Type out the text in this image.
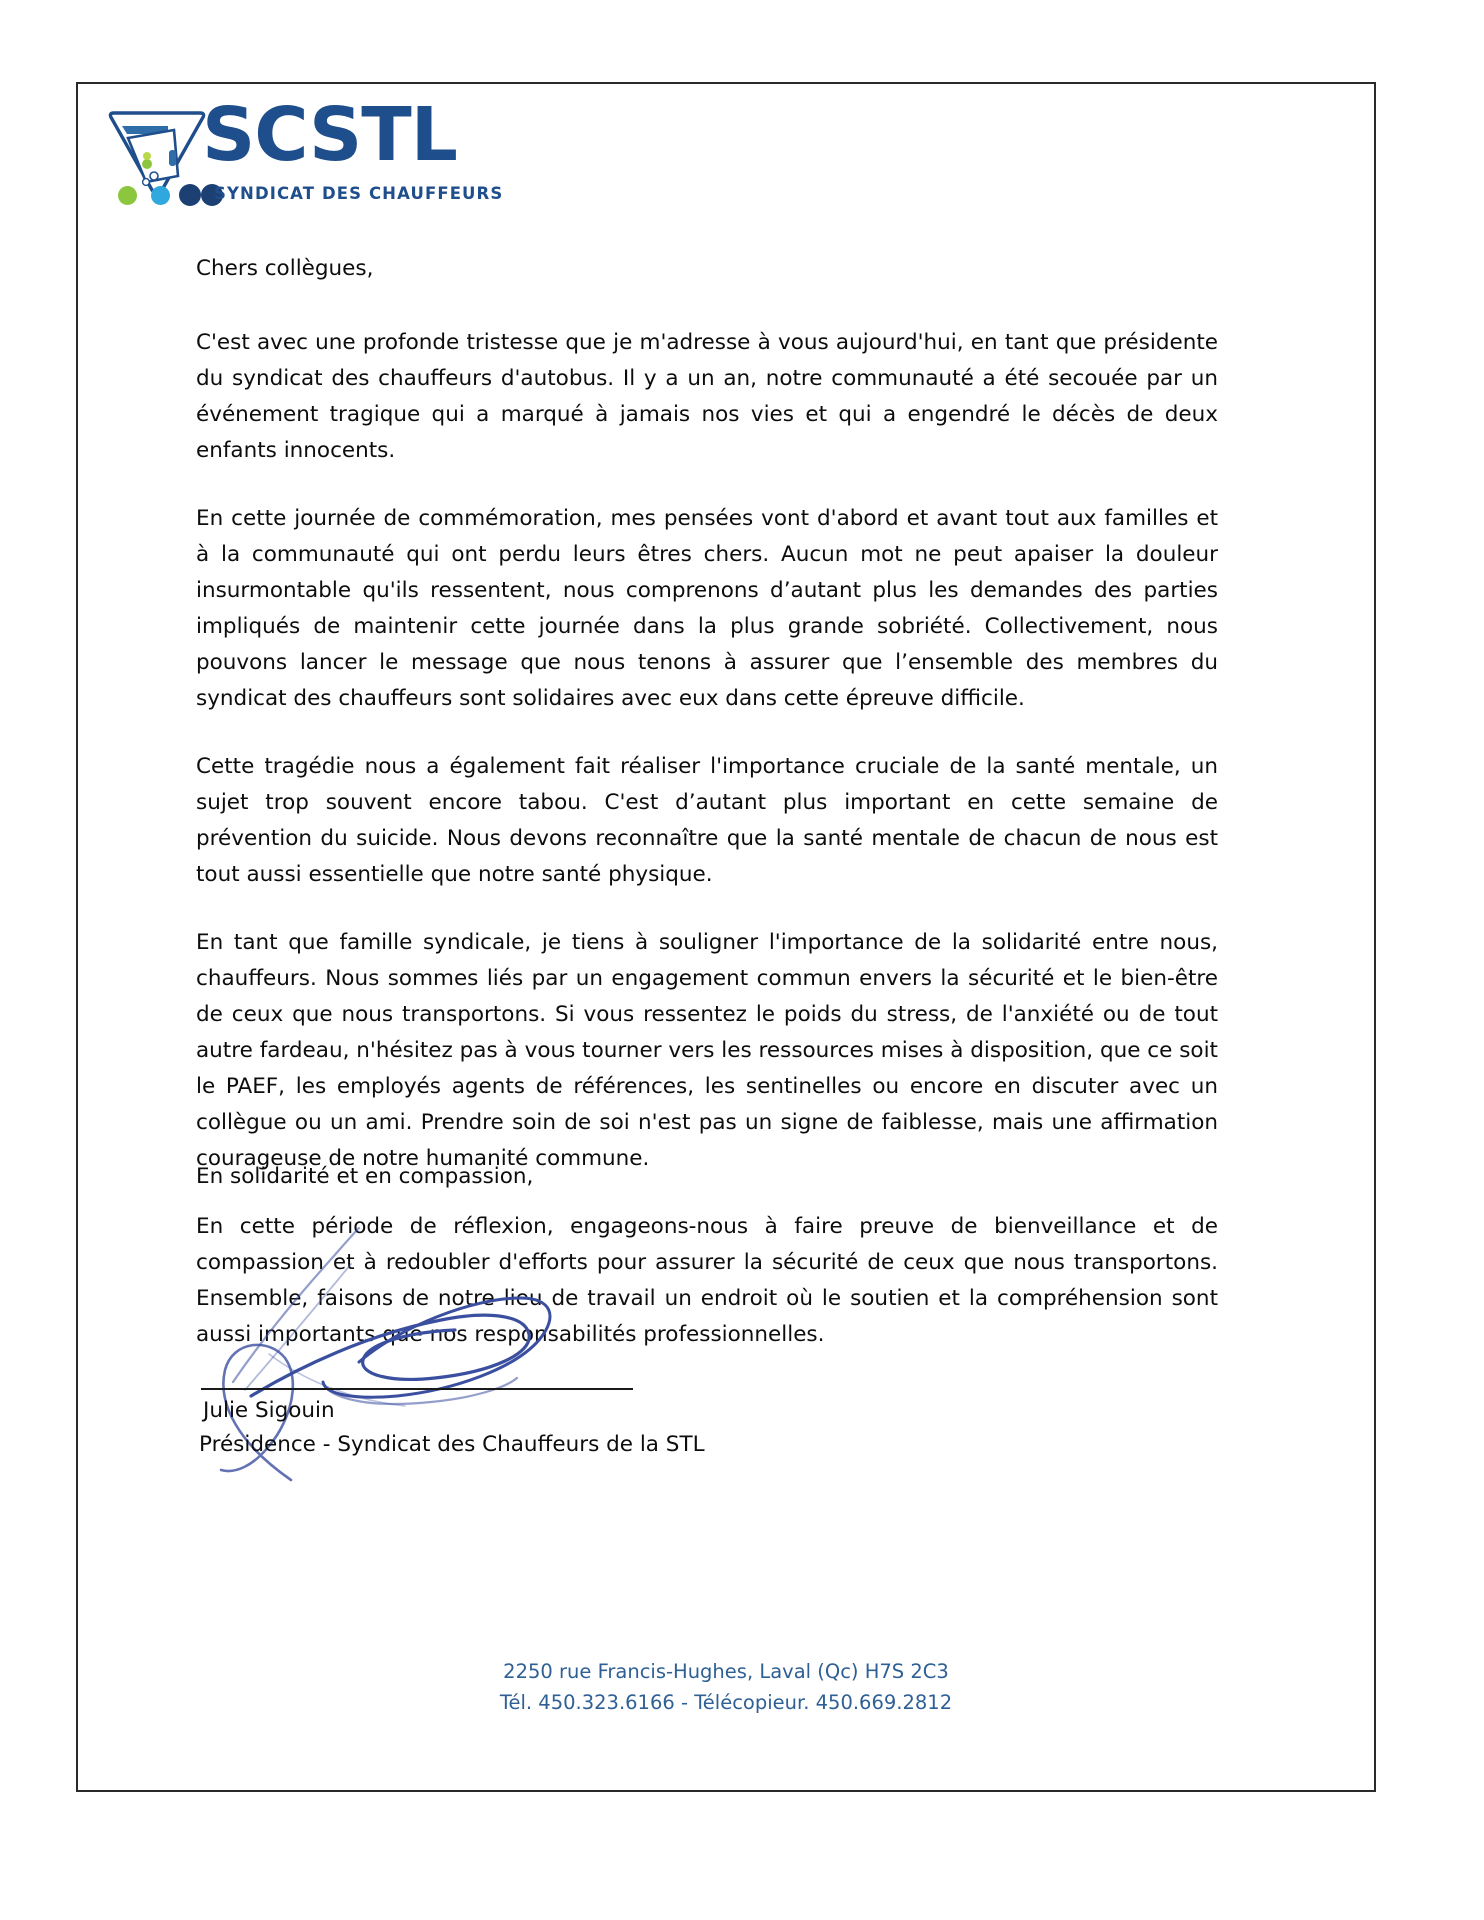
SCSTL
SYNDICAT DES CHAUFFEURS
Chers collègues,

C'est avec une profonde tristesse que je m'adresse à vous aujourd'hui, en tant que présidente du syndicat des chauffeurs d'autobus. Il y a un an, notre communauté a été secouée par un événement tragique qui a marqué à jamais nos vies et qui a engendré le décès de deux enfants innocents.

En cette journée de commémoration, mes pensées vont d'abord et avant tout aux familles et à la communauté qui ont perdu leurs êtres chers. Aucun mot ne peut apaiser la douleur insurmontable qu'ils ressentent, nous comprenons d’autant plus les demandes des parties impliqués de maintenir cette journée dans la plus grande sobriété. Collectivement, nous pouvons lancer le message que nous tenons à assurer que l’ensemble des membres du syndicat des chauffeurs sont solidaires avec eux dans cette épreuve difficile.

Cette tragédie nous a également fait réaliser l'importance cruciale de la santé mentale, un sujet trop souvent encore tabou. C'est d’autant plus important en cette semaine de prévention du suicide. Nous devons reconnaître que la santé mentale de chacun de nous est tout aussi essentielle que notre santé physique.

En tant que famille syndicale, je tiens à souligner l'importance de la solidarité entre nous, chauffeurs. Nous sommes liés par un engagement commun envers la sécurité et le bien-être de ceux que nous transportons. Si vous ressentez le poids du stress, de l'anxiété ou de tout autre fardeau, n'hésitez pas à vous tourner vers les ressources mises à disposition, que ce soit le PAEF, les employés agents de références, les sentinelles ou encore en discuter avec un collègue ou un ami. Prendre soin de soi n'est pas un signe de faiblesse, mais une affirmation courageuse de notre humanité commune.

En cette période de réflexion, engageons-nous à faire preuve de bienveillance et de compassion et à redoubler d'efforts pour assurer la sécurité de ceux que nous transportons. Ensemble, faisons de notre lieu de travail un endroit où le soutien et la compréhension sont aussi importants que nos responsabilités professionnelles.

En solidarité et en compassion,
Julie Sigouin
Présidence - Syndicat des Chauffeurs de la STL
2250 rue Francis-Hughes, Laval (Qc) H7S 2C3
Tél. 450.323.6166 - Télécopieur. 450.669.2812
